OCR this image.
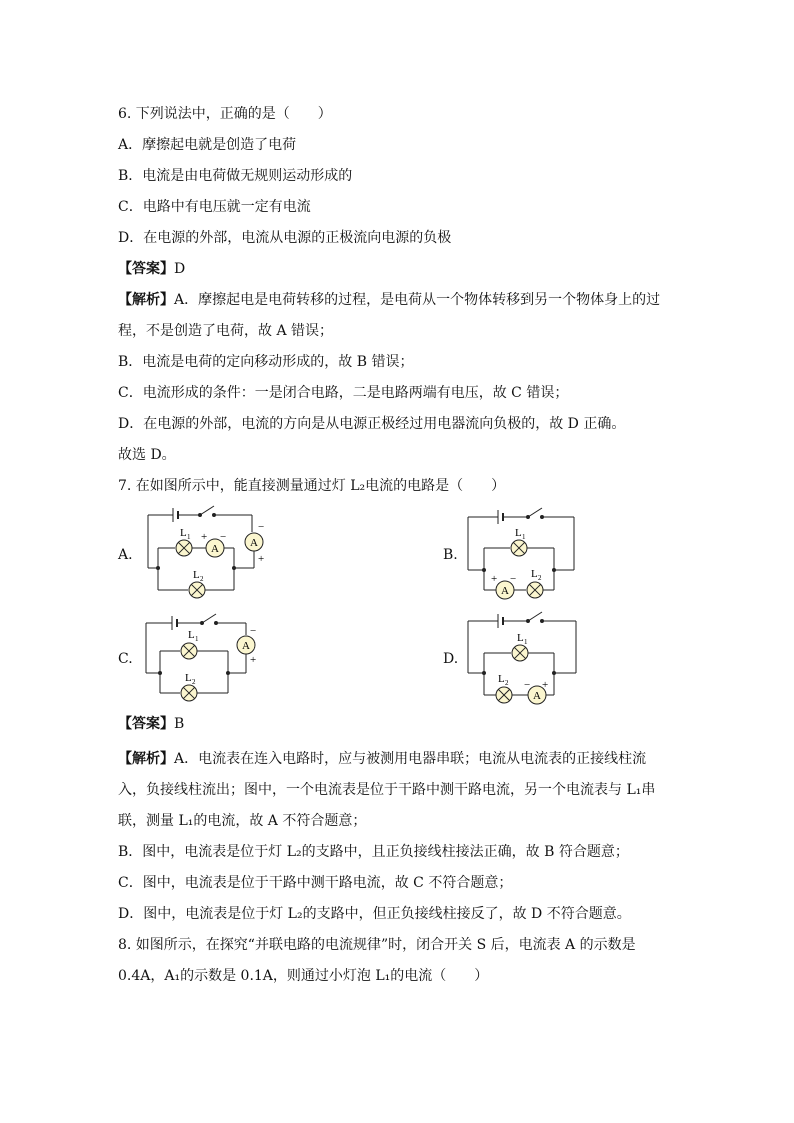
6. 下列说法中，正确的是（　　）
A．摩擦起电就是创造了电荷
B．电流是由电荷做无规则运动形成的
C．电路中有电压就一定有电流
D．在电源的外部，电流从电源的正极流向电源的负极
【答案】D
【解析】A．摩擦起电是电荷转移的过程，是电荷从一个物体转移到另一个物体身上的过
程，不是创造了电荷，故 A 错误；
B．电流是电荷的定向移动形成的，故 B 错误；
C．电流形成的条件：一是闭合电路，二是电路两端有电压，故 C 错误；
D．在电源的外部，电流的方向是从电源正极经过用电器流向负极的，故 D 正确。
故选 D。
7. 在如图所示中，能直接测量通过灯 L₂电流的电路是（　　）
A.	B.
C.	D.
A	A
L 1
L 2
+ −
−
+
A
L 1
L 2
+ −
A
L 1
L 2
−
+
A
L 1
L 2 − +
【答案】B
【解析】A．电流表在连入电路时，应与被测用电器串联；电流从电流表的正接线柱流
入，负接线柱流出；图中，一个电流表是位于干路中测干路电流，另一个电流表与 L₁串
联，测量 L₁的电流，故 A 不符合题意；
B．图中，电流表是位于灯 L₂的支路中，且正负接线柱接法正确，故 B 符合题意；
C．图中，电流表是位于干路中测干路电流，故 C 不符合题意；
D．图中，电流表是位于灯 L₂的支路中，但正负接线柱接反了，故 D 不符合题意。
8. 如图所示，在探究“并联电路的电流规律”时，闭合开关 S 后，电流表 A 的示数是
0.4A，A₁的示数是 0.1A，则通过小灯泡 L₁的电流（　　）
